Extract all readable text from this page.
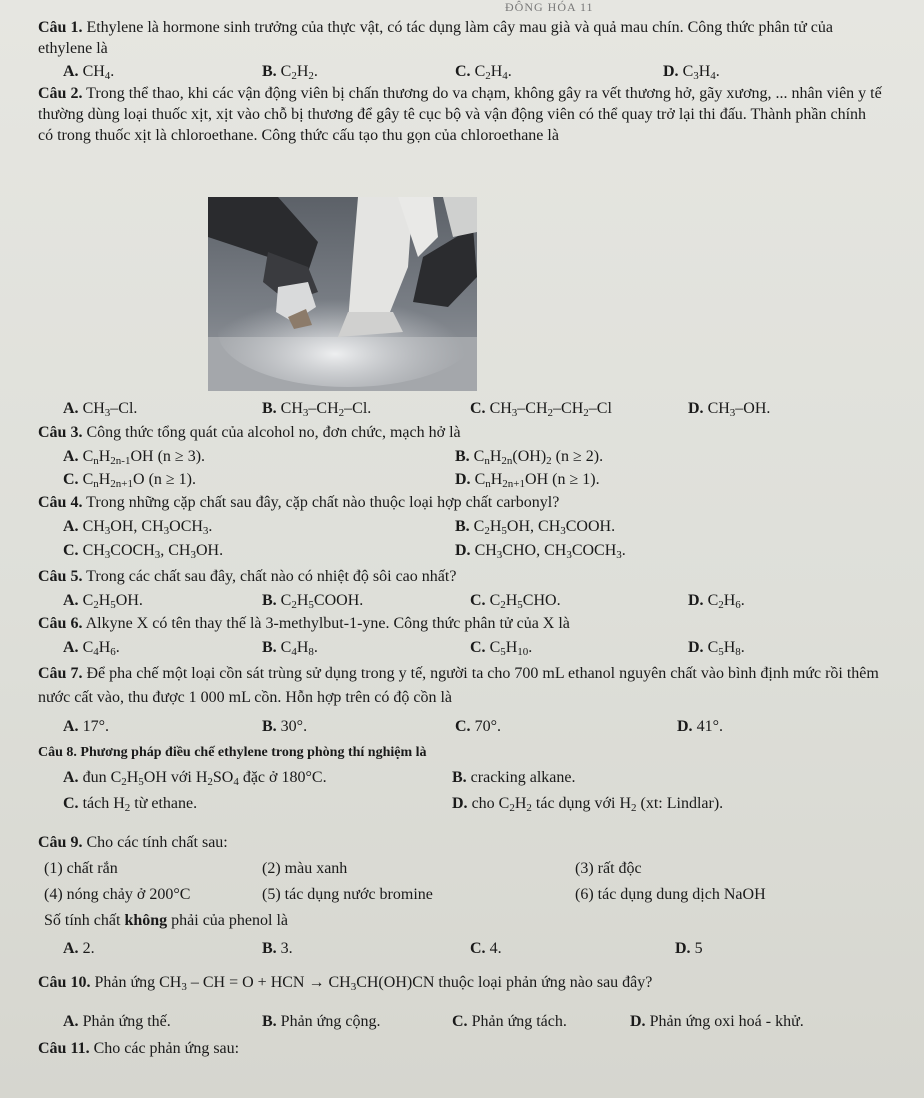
ĐÔNG HÓA 11
Câu 1. Ethylene là hormone sinh trưởng của thực vật, có tác dụng làm cây mau già và quả mau chín. Công thức phân tử của ethylene là
A. $CH_4$.	B. $C_2H_2$.	C. $C_2H_4$.	D. $C_3H_4$.
Câu 2. Trong thể thao, khi các vận động viên bị chấn thương do va chạm, không gây ra vết thương hở, gãy xương, ... nhân viên y tế thường dùng loại thuốc xịt, xịt vào chỗ bị thương để gây tê cục bộ và vận động viên có thể quay trở lại thi đấu. Thành phần chính có trong thuốc xịt là chloroethane. Công thức cấu tạo thu gọn của chloroethane là
A. $CH_3-Cl$.	B. $CH_3-CH_2-Cl$.	C. $CH_3-CH_2-CH_2-Cl$	D. $CH_3-OH$.
Câu 3. Công thức tổng quát của alcohol no, đơn chức, mạch hở là
A. $C_nH_{2n-1}OH$ (n ≥ 3).	B. $C_nH_{2n}(OH)_2$ (n ≥ 2).
C. $C_nH_{2n+1}O$ (n ≥ 1).	D. $C_nH_{2n+1}OH$ (n ≥ 1).
Câu 4. Trong những cặp chất sau đây, cặp chất nào thuộc loại hợp chất carbonyl?
A. $CH_3OH$, $CH_3OCH_3$.	B. $C_2H_5OH$, $CH_3COOH$.
C. $CH_3COCH_3$, $CH_3OH$.	D. $CH_3CHO$, $CH_3COCH_3$.
Câu 5. Trong các chất sau đây, chất nào có nhiệt độ sôi cao nhất?
A. $C_2H_5OH$.	B. $C_2H_5COOH$.	C. $C_2H_5CHO$.	D. $C_2H_6$.
Câu 6. Alkyne X có tên thay thế là 3-methylbut-1-yne. Công thức phân tử của X là
A. $C_4H_6$.	B. $C_4H_8$.	C. $C_5H_{10}$.	D. $C_5H_8$.
Câu 7. Để pha chế một loại cồn sát trùng sử dụng trong y tế, người ta cho 700 mL ethanol nguyên chất vào bình định mức rồi thêm nước cất vào, thu được 1 000 mL cồn. Hỗn hợp trên có độ cồn là
A. 17°.	B. 30°.	C. 70°.	D. 41°.
Câu 8. Phương pháp điều chế ethylene trong phòng thí nghiệm là
A. đun $C_2H_5OH$ với $H_2SO_4$ đặc ở 180°C.	B. cracking alkane.
C. tách $H_2$ từ ethane.	D. cho $C_2H_2$ tác dụng với $H_2$ (xt: Lindlar).
Câu 9. Cho các tính chất sau:
(1) chất rắn	(2) màu xanh	(3) rất độc
(4) nóng chảy ở 200°C	(5) tác dụng nước bromine	(6) tác dụng dung dịch NaOH
Số tính chất không phải của phenol là
A. 2.	B. 3.	C. 4.	D. 5
Câu 10. Phản ứng $CH_3$ – CH = O + HCN → $CH_3CH(OH)CN$ thuộc loại phản ứng nào sau đây?
A. Phản ứng thế.	B. Phản ứng cộng.	C. Phản ứng tách.	D. Phản ứng oxi hoá - khử.
Câu 11. Cho các phản ứng sau:
